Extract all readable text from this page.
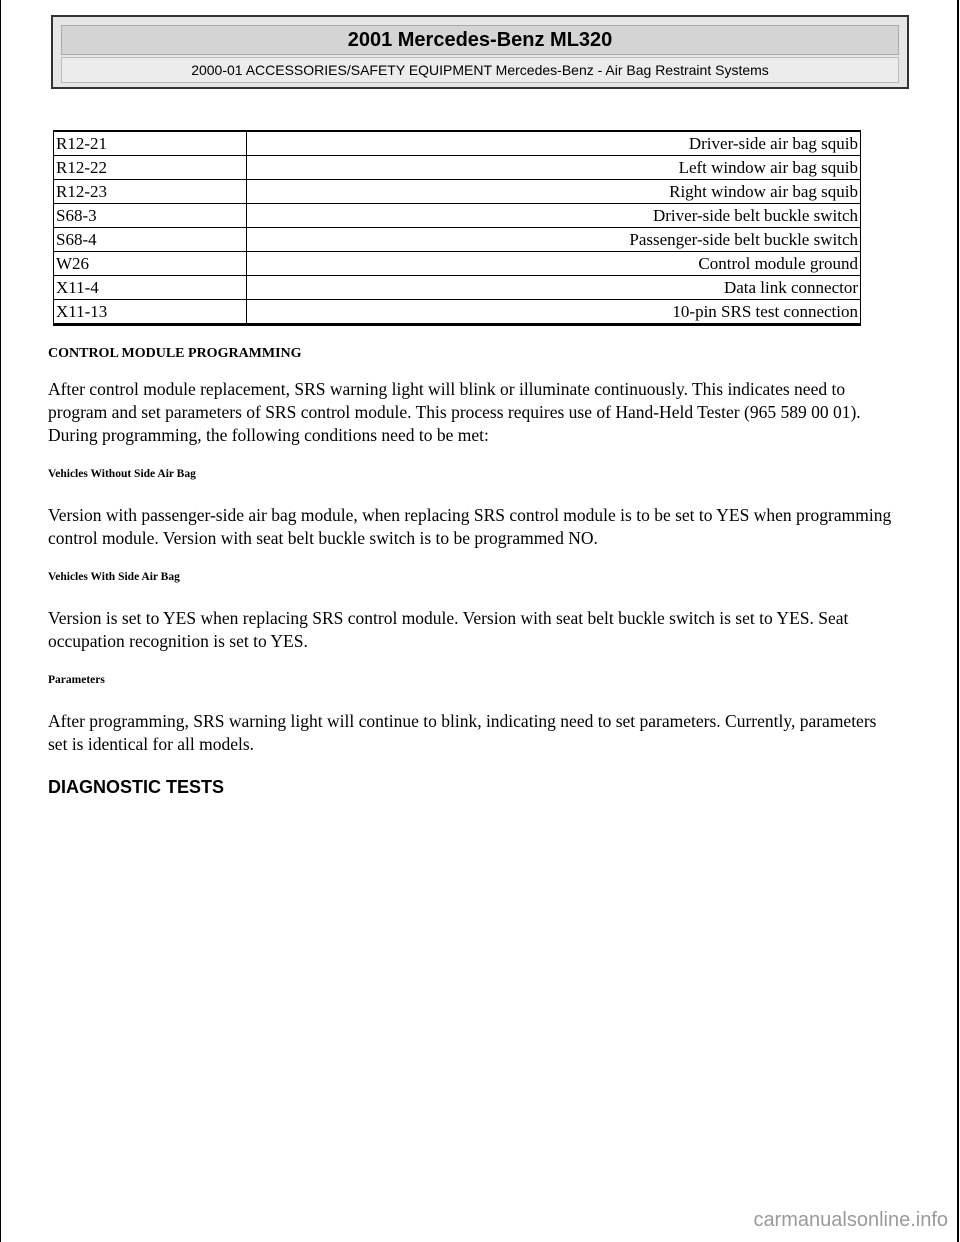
2001 Mercedes-Benz ML320
2000-01 ACCESSORIES/SAFETY EQUIPMENT Mercedes-Benz - Air Bag Restraint Systems
R12-21	Driver-side air bag squib
R12-22	Left window air bag squib
R12-23	Right window air bag squib
S68-3	Driver-side belt buckle switch
S68-4	Passenger-side belt buckle switch
W26	Control module ground
X11-4	Data link connector
X11-13	10-pin SRS test connection
CONTROL MODULE PROGRAMMING

After control module replacement, SRS warning light will blink or illuminate continuously. This indicates need to program and set parameters of SRS control module. This process requires use of Hand-Held Tester (965 589 00 01). During programming, the following conditions need to be met:

Vehicles Without Side Air Bag

Version with passenger-side air bag module, when replacing SRS control module is to be set to YES when programming control module. Version with seat belt buckle switch is to be programmed NO.

Vehicles With Side Air Bag

Version is set to YES when replacing SRS control module. Version with seat belt buckle switch is set to YES. Seat occupation recognition is set to YES.

Parameters

After programming, SRS warning light will continue to blink, indicating need to set parameters. Currently, parameters set is identical for all models.

DIAGNOSTIC TESTS
carmanualsonline.info
